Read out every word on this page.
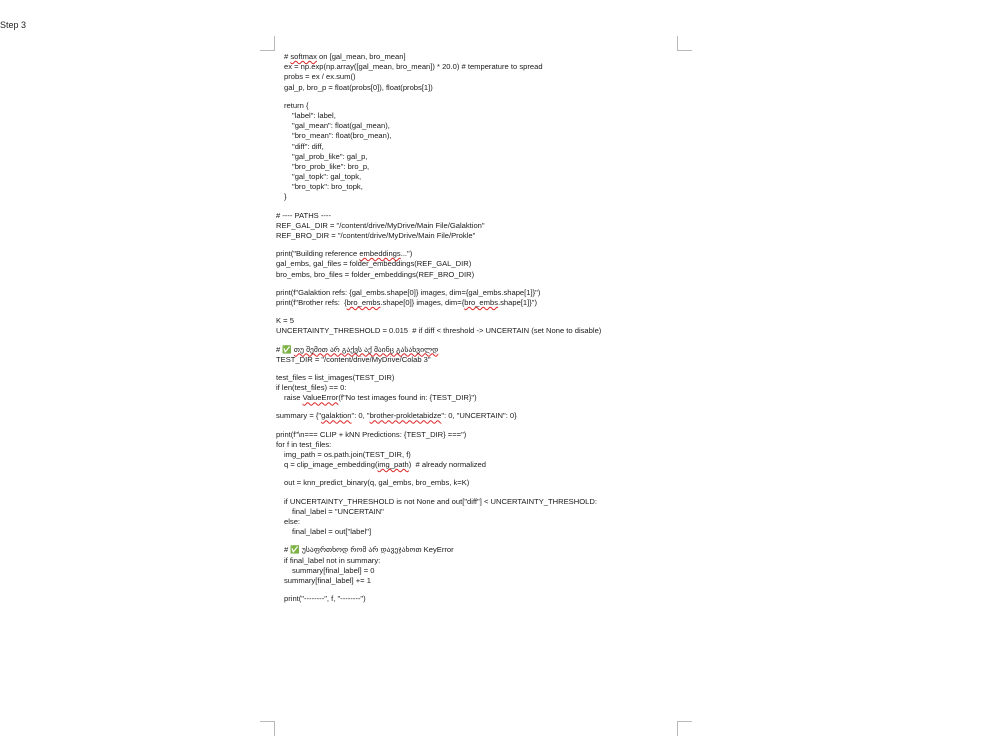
Step 3
# softmax on [gal_mean, bro_mean]
ex = np.exp(np.array([gal_mean, bro_mean]) * 20.0) # temperature to spread
probs = ex / ex.sum()
gal_p, bro_p = float(probs[0]), float(probs[1])
return {
"label": label,
"gal_mean": float(gal_mean),
"bro_mean": float(bro_mean),
"diff": diff,
"gal_prob_like": gal_p,
"bro_prob_like": bro_p,
"gal_topk": gal_topk,
"bro_topk": bro_topk,
}
# ---- PATHS ----
REF_GAL_DIR = "/content/drive/MyDrive/Main File/Galaktion"
REF_BRO_DIR = "/content/drive/MyDrive/Main File/Prokle"
print("Building reference embeddings...")
gal_embs, gal_files = folder_embeddings(REF_GAL_DIR)
bro_embs, bro_files = folder_embeddings(REF_BRO_DIR)
print(f"Galaktion refs: {gal_embs.shape[0]} images, dim={gal_embs.shape[1]}")
print(f"Brother refs:  {bro_embs.shape[0]} images, dim={bro_embs.shape[1]}")
K = 5
UNCERTAINTY_THRESHOLD = 0.015  # if diff < threshold -> UNCERTAIN (set None to disable)
# ✅ თუ შემით არ გაქვს აქ მაინც გასახვილდ
TEST_DIR = "/content/drive/MyDrive/Colab 3"
test_files = list_images(TEST_DIR)
if len(test_files) == 0:
raise ValueError(f"No test images found in: {TEST_DIR}")
summary = {"galaktion": 0, "brother-prokletabidze": 0, "UNCERTAIN": 0}
print(f"\n=== CLIP + kNN Predictions: {TEST_DIR} ===")
for f in test_files:
img_path = os.path.join(TEST_DIR, f)
q = clip_image_embedding(img_path)  # already normalized
out = knn_predict_binary(q, gal_embs, bro_embs, k=K)
if UNCERTAINTY_THRESHOLD is not None and out["diff"] < UNCERTAINTY_THRESHOLD:
final_label = "UNCERTAIN"
else:
final_label = out["label"]
# ✅ უსაფრთხოდ რომ არ დავეჯახოთ KeyError
if final_label not in summary:
summary[final_label] = 0
summary[final_label] += 1
print("--------", f, "--------")
